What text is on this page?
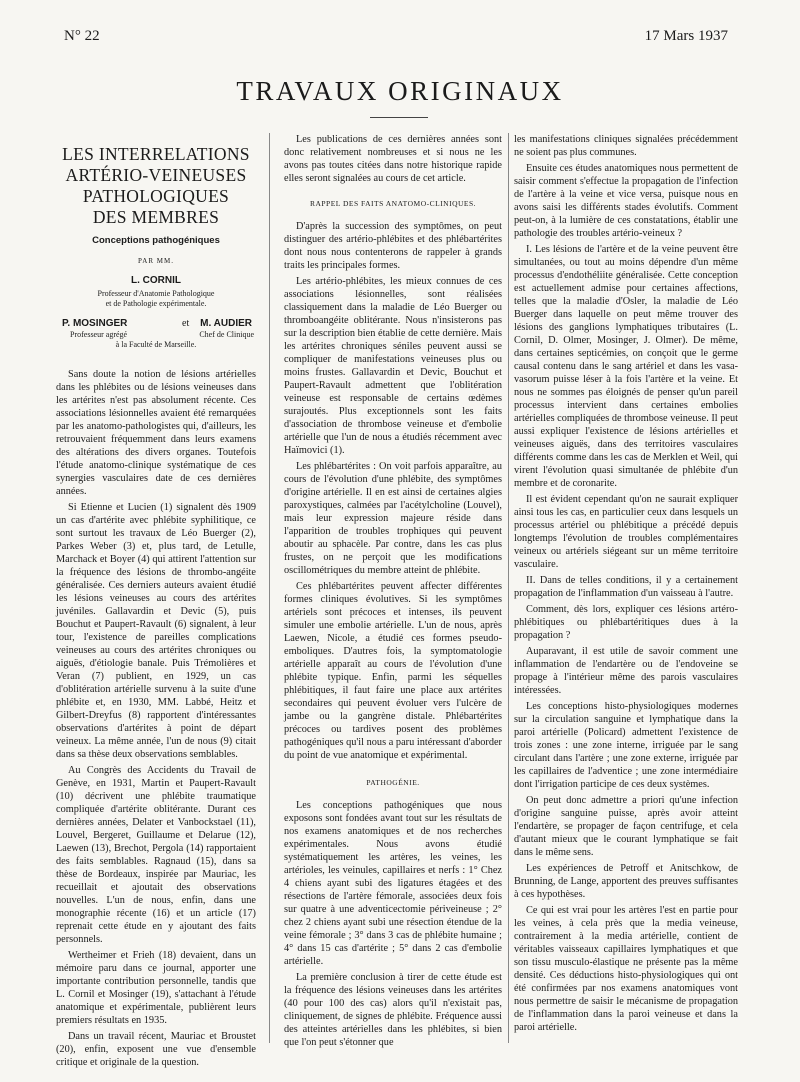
N° 22	17 Mars 1937
TRAVAUX ORIGINAUX
LES INTERRELATIONS
ARTÉRIO-VEINEUSES
PATHOLOGIQUES
DES MEMBRES
Conceptions pathogéniques
PAR MM.
L. CORNIL
Professeur d'Anatomie Pathologique
et de Pathologie expérimentale.
P. MOSINGER	et M. AUDIER
Professeur agrégé	Chef de Clinique
à la Faculté de Marseille.

Sans doute la notion de lésions artérielles dans les phlébites ou de lésions veineuses dans les artérites n'est pas absolument récente. Ces associations lésionnelles avaient été remarquées par les anatomo-pathologistes qui, d'ailleurs, les retrouvaient fréquemment dans leurs examens des altérations des divers organes. Toutefois l'étude anatomo-clinique systématique de ces synergies vasculaires date de ces dernières années.

Si Etienne et Lucien (1) signalent dès 1909 un cas d'artérite avec phlébite syphilitique, ce sont surtout les travaux de Léo Buerger (2), Parkes Weber (3) et, plus tard, de Letulle, Marchack et Boyer (4) qui attirent l'attention sur la fréquence des lésions de thrombo-angéite généralisée. Ces derniers auteurs avaient étudié les lésions veineuses au cours des artérites juvéniles. Gallavardin et Devic (5), puis Bouchut et Paupert-Ravault (6) signalent, à leur tour, l'existence de pareilles complications veineuses au cours des artérites chroniques ou aiguës, d'étiologie banale. Puis Trémolières et Veran (7) publient, en 1929, un cas d'oblitération artérielle survenu à la suite d'une phlébite et, en 1930, MM. Labbé, Heitz et Gilbert-Dreyfus (8) rapportent d'intéressantes observations d'artérites à point de départ veineux. La même année, l'un de nous (9) citait dans sa thèse deux observations semblables.

Au Congrès des Accidents du Travail de Genève, en 1931, Martin et Paupert-Ravault (10) décrivent une phlébite traumatique compliquée d'artérite oblitérante. Durant ces dernières années, Delater et Vanbockstael (11), Louvel, Bergeret, Guillaume et Delarue (12), Laewen (13), Brechot, Pergola (14) rapportaient des faits semblables. Ragnaud (15), dans sa thèse de Bordeaux, inspirée par Mauriac, les recueillait et ajoutait des observations nouvelles. L'un de nous, enfin, dans une monographie récente (16) et un article (17) reprenait cette étude en y ajoutant des faits personnels.

Wertheimer et Frieh (18) devaient, dans un mémoire paru dans ce journal, apporter une importante contribution personnelle, tandis que L. Cornil et Mosinger (19), s'attachant à l'étude anatomique et expérimentale, publièrent leurs premiers résultats en 1935.

Dans un travail récent, Mauriac et Broustet (20), enfin, exposent une vue d'ensemble critique et originale de la question.

Les publications de ces dernières années sont donc relativement nombreuses et si nous ne les avons pas toutes citées dans notre historique rapide elles seront signalées au cours de cet article.

RAPPEL DES FAITS ANATOMO-CLINIQUES.

D'après la succession des symptômes, on peut distinguer des artério-phlébites et des phlébartérites dont nous nous contenterons de rappeler à grands traits les principales formes.

Les artério-phlébites, les mieux connues de ces associations lésionnelles, sont réalisées classiquement dans la maladie de Léo Buerger ou thromboangéite oblitérante. Nous n'insisterons pas sur la description bien établie de cette dernière. Mais les artérites chroniques séniles peuvent aussi se compliquer de manifestations veineuses plus ou moins frustes. Gallavardin et Devic, Bouchut et Paupert-Ravault admettent que l'oblitération veineuse est responsable de certains œdèmes surajoutés. Plus exceptionnels sont les faits d'association de thrombose veineuse et d'embolie artérielle que l'un de nous a étudiés récemment avec Haïmovici (1).

Les phlébartérites : On voit parfois apparaître, au cours de l'évolution d'une phlébite, des symptômes d'origine artérielle. Il en est ainsi de certaines algies paroxystiques, calmées par l'acétylcholine (Louvel), mais leur expression majeure réside dans l'apparition de troubles trophiques qui peuvent aboutir au sphacèle. Par contre, dans les cas plus frustes, on ne perçoit que les modifications oscillométriques du membre atteint de phlébite.

Ces phlébartérites peuvent affecter différentes formes cliniques évolutives. Si les symptômes artériels sont précoces et intenses, ils peuvent simuler une embolie artérielle. L'un de nous, après Laewen, Nicole, a étudié ces formes pseudo-emboliques. D'autres fois, la symptomatologie artérielle apparaît au cours de l'évolution d'une phlébite typique. Enfin, parmi les séquelles phlébitiques, il faut faire une place aux artérites secondaires qui peuvent évoluer vers l'ulcère de jambe ou la gangrène distale. Phlébartérites précoces ou tardives posent des problèmes pathogéniques qu'il nous a paru intéressant d'aborder du point de vue anatomique et expérimental.

PATHOGÉNIE.

Les conceptions pathogéniques que nous exposons sont fondées avant tout sur les résultats de nos examens anatomiques et de nos recherches expérimentales. Nous avons étudié systématiquement les artères, les veines, les artérioles, les veinules, capillaires et nerfs : 1° Chez 4 chiens ayant subi des ligatures étagées et des résections de l'artère fémorale, associées deux fois sur quatre à une adventicectomie périveineuse ; 2° chez 2 chiens ayant subi une résection étendue de la veine fémorale ; 3° dans 3 cas de phlébite humaine ; 4° dans 15 cas d'artérite ; 5° dans 2 cas d'embolie artérielle.

La première conclusion à tirer de cette étude est la fréquence des lésions veineuses dans les artérites (40 pour 100 des cas) alors qu'il n'existait pas, cliniquement, de signes de phlébite. Fréquence aussi des atteintes artérielles dans les phlébites, si bien que l'on peut s'étonner que

les manifestations cliniques signalées précédemment ne soient pas plus communes.

Ensuite ces études anatomiques nous permettent de saisir comment s'effectue la propagation de l'infection de l'artère à la veine et vice versa, puisque nous en avons saisi les différents stades évolutifs. Comment peut-on, à la lumière de ces constatations, établir une pathologie des troubles artério-veineux ?

I. Les lésions de l'artère et de la veine peuvent être simultanées, ou tout au moins dépendre d'un même processus d'endothéliite généralisée. Cette conception est actuellement admise pour certaines affections, telles que la maladie d'Osler, la maladie de Léo Buerger dans laquelle on peut même trouver des lésions des ganglions lymphatiques tributaires (L. Cornil, D. Olmer, Mosinger, J. Olmer). De même, dans certaines septicémies, on conçoit que le germe causal contenu dans le sang artériel et dans les vasa-vasorum puisse léser à la fois l'artère et la veine. Et nous ne sommes pas éloignés de penser qu'un pareil processus intervient dans certaines embolies artérielles compliquées de thrombose veineuse. Il peut aussi expliquer l'existence de lésions artérielles et veineuses aiguës, dans des territoires vasculaires différents comme dans les cas de Merklen et Weil, qui virent l'évolution quasi simultanée de phlébite d'un membre et de coronarite.

Il est évident cependant qu'on ne saurait expliquer ainsi tous les cas, en particulier ceux dans lesquels un processus artériel ou phlébitique a précédé depuis longtemps l'évolution de troubles complémentaires veineux ou artériels siégeant sur un même territoire vasculaire.

II. Dans de telles conditions, il y a certainement propagation de l'inflammation d'un vaisseau à l'autre.

Comment, dès lors, expliquer ces lésions artéro-phlébitiques ou phlébartéritiques dues à la propagation ?

Auparavant, il est utile de savoir comment une inflammation de l'endartère ou de l'endoveine se propage à l'intérieur même des parois vasculaires intéressées.

Les conceptions histo-physiologiques modernes sur la circulation sanguine et lymphatique dans la paroi artérielle (Policard) admettent l'existence de trois zones : une zone interne, irriguée par le sang circulant dans l'artère ; une zone externe, irriguée par les capillaires de l'adventice ; une zone intermédiaire dont l'irrigation participe de ces deux systèmes.

On peut donc admettre a priori qu'une infection d'origine sanguine puisse, après avoir atteint l'endartère, se propager de façon centrifuge, et cela d'autant mieux que le courant lymphatique se fait dans le même sens.

Les expériences de Petroff et Anitschkow, de Brunning, de Lange, apportent des preuves suffisantes à ces hypothèses.

Ce qui est vrai pour les artères l'est en partie pour les veines, à cela près que la media veineuse, contrairement à la media artérielle, contient de véritables vaisseaux capillaires lymphatiques et que son tissu musculo-élastique ne présente pas la même densité. Ces déductions histo-physiologiques qui ont été confirmées par nos examens anatomiques vont nous permettre de saisir le mécanisme de propagation de l'inflammation dans la paroi veineuse et dans la paroi artérielle.
